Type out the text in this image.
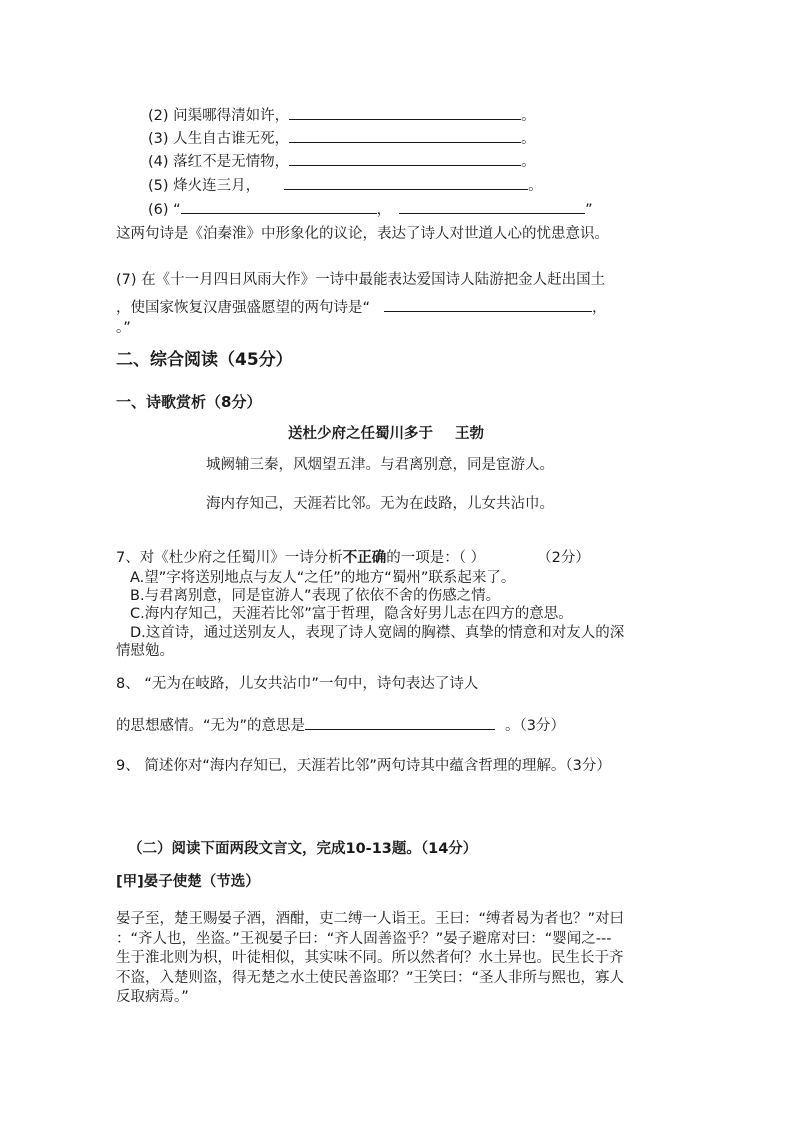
(2) 问渠哪得清如许，	。
(3) 人生自古谁无死，	。
(4) 落红不是无情物，	。
(5) 烽火连三月，	。
(6) “	，	”
这两句诗是《泊秦淮》中形象化的议论，表达了诗人对世道人心的忧患意识。
(7) 在《十一月四日风雨大作》一诗中最能表达爱国诗人陆游把金人赶出国土
，使国家恢复汉唐强盛愿望的两句诗是“	，
。”
二、综合阅读（45分）
一、诗歌赏析（8分）
送杜少府之任蜀川多于 王勃
城阙辅三秦，风烟望五津。与君离别意，同是宦游人。
海内存知己，天涯若比邻。无为在歧路，儿女共沾巾。
7、对《杜少府之任蜀川》一诗分析不正确的一项是：（ ）	（2分）
A.望”字将送别地点与友人“之任”的地方“蜀州”联系起来了。
B.与君离别意，同是宦游人”表现了依依不舍的伤感之情。
C.海内存知己，天涯若比邻”富于哲理，隐含好男儿志在四方的意思。
D.这首诗，通过送别友人，表现了诗人宽阔的胸襟、真挚的情意和对友人的深
情慰勉。
8、 “无为在岐路，儿女共沾巾”一句中，诗句表达了诗人
的思想感情。“无为”的意思是	。（3分）
9、 简述你对“海内存知已，天涯若比邻”两句诗其中蕴含哲理的理解。（3分）
（二）阅读下面两段文言文，完成10-13题。（14分）
[甲]晏子使楚（节选）
晏子至，楚王赐晏子酒，酒酣，吏二缚一人诣王。王曰：“缚者曷为者也？”对曰
：“齐人也，坐盗。”王视晏子曰：“齐人固善盗乎？”晏子避席对曰：“婴闻之---
生于淮北则为枳，叶徒相似，其实味不同。所以然者何？水土异也。民生长于齐
不盗，入楚则盗，得无楚之水土使民善盗耶？”王笑曰：“圣人非所与熙也，寡人
反取病焉。”
